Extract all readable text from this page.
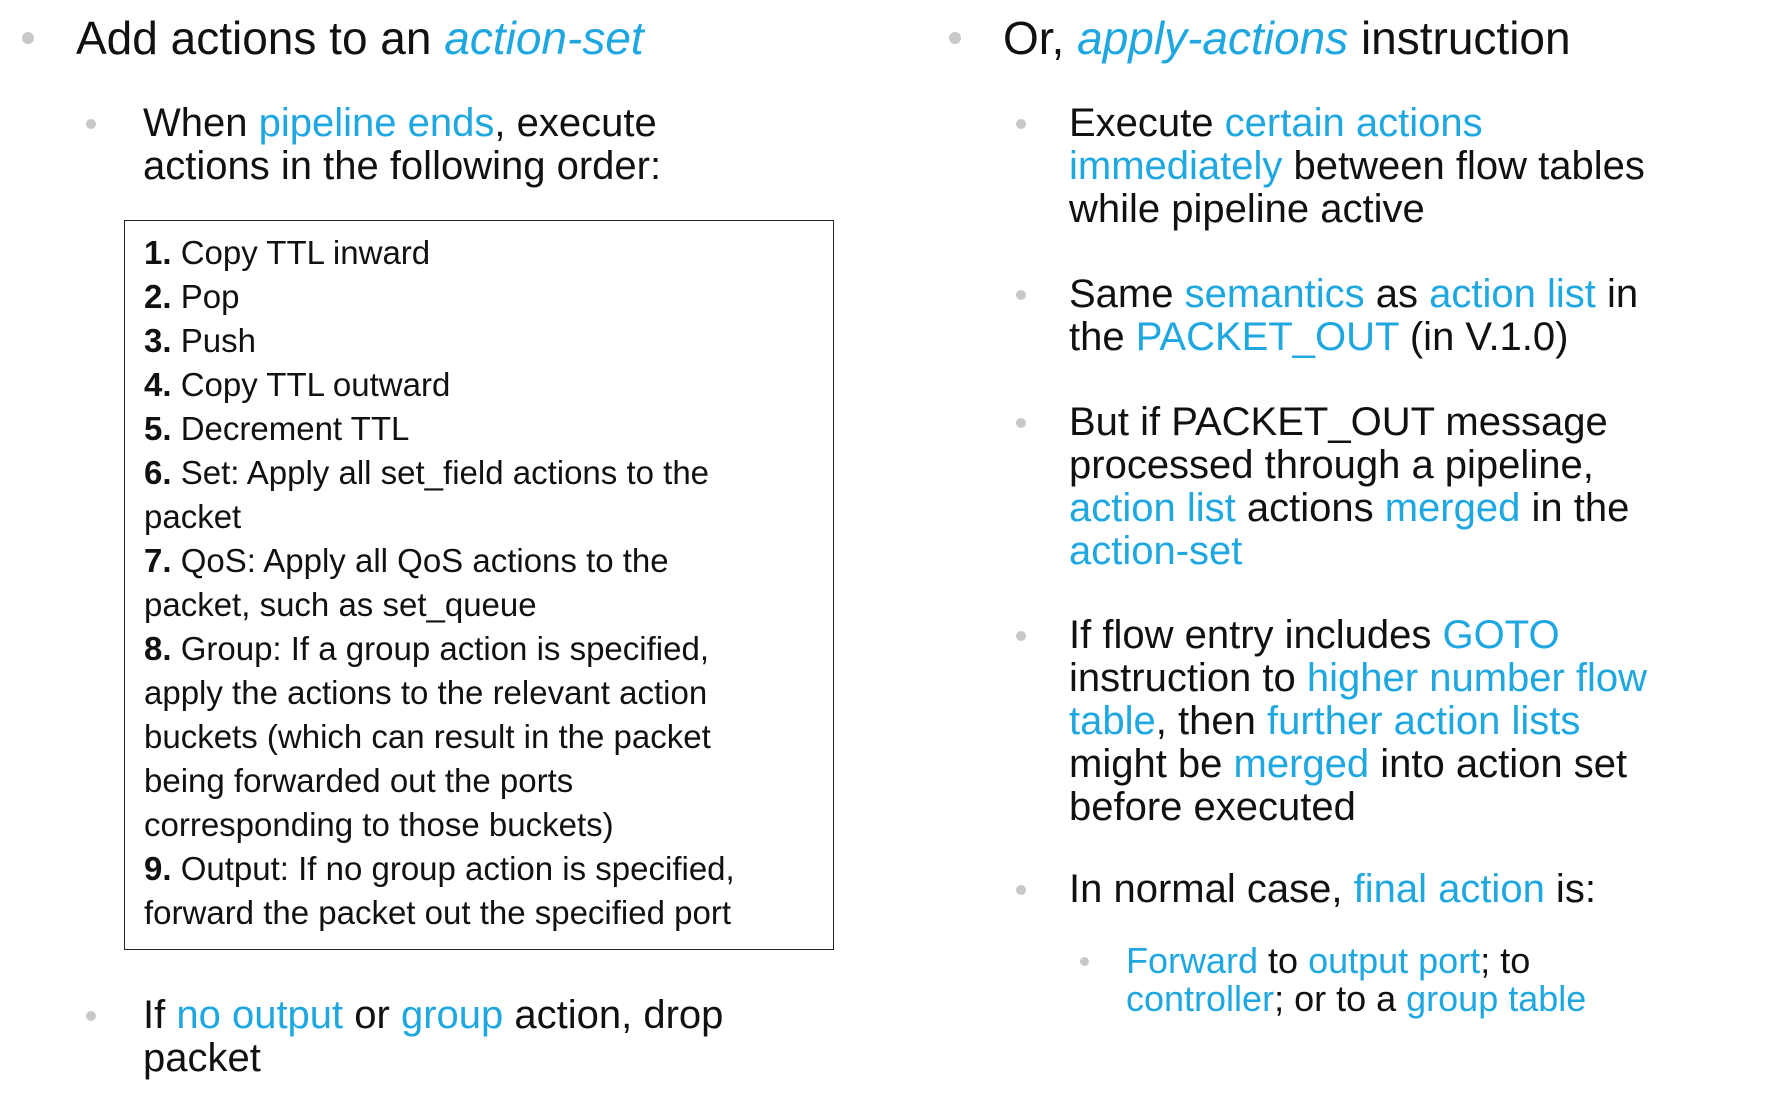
Add actions to an action-set
When pipeline ends, execute
actions in the following order:
1. Copy TTL inward
2. Pop
3. Push
4. Copy TTL outward
5. Decrement TTL
6. Set: Apply all set_field actions to the
packet
7. QoS: Apply all QoS actions to the
packet, such as set_queue
8. Group: If a group action is specified,
apply the actions to the relevant action
buckets (which can result in the packet
being forwarded out the ports
corresponding to those buckets)
9. Output: If no group action is specified,
forward the packet out the specified port
If no output or group action, drop
packet
Or, apply-actions instruction
Execute certain actions
immediately between flow tables
while pipeline active
Same semantics as action list in
the PACKET_OUT (in V.1.0)
But if PACKET_OUT message
processed through a pipeline,
action list actions merged in the
action-set
If flow entry includes GOTO
instruction to higher number flow
table, then further action lists
might be merged into action set
before executed
In normal case, final action is:
Forward to output port; to
controller; or to a group table
